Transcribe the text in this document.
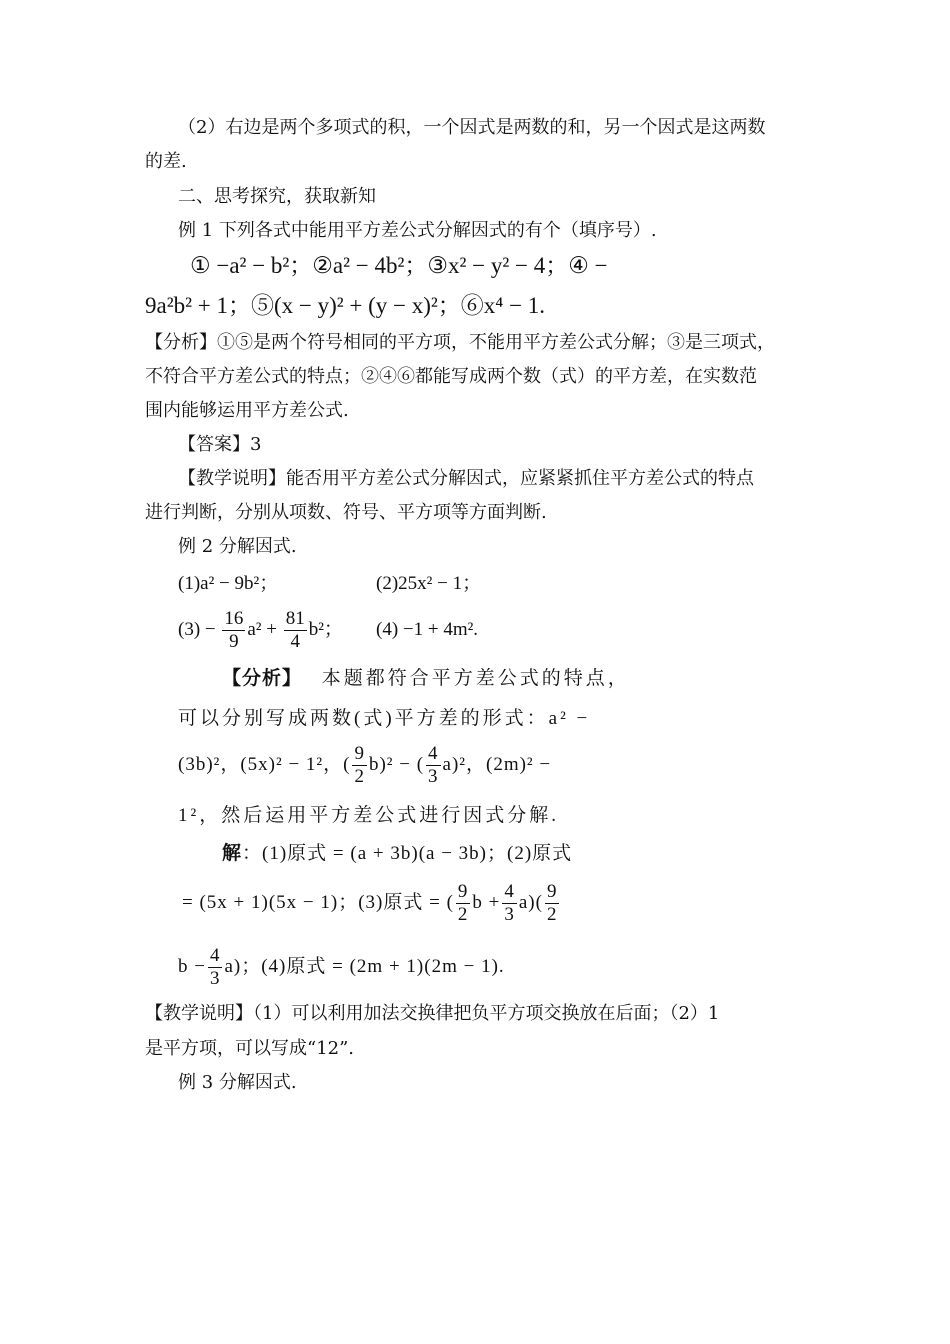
（2）右边是两个多项式的积，一个因式是两数的和，另一个因式是这两数
的差.
二、思考探究，获取新知
例 1 下列各式中能用平方差公式分解因式的有个（填序号）.
① −a² − b²；②a² − 4b²；③x² − y² − 4；④ −
9a²b² + 1；⑤(x − y)² + (y − x)²；⑥x⁴ − 1.
【分析】①⑤是两个符号相同的平方项，不能用平方差公式分解；③是三项式，
不符合平方差公式的特点；②④⑥都能写成两个数（式）的平方差，在实数范
围内能够运用平方差公式.
【答案】3
【教学说明】能否用平方差公式分解因式，应紧紧抓住平方差公式的特点
进行判断，分别从项数、符号、平方项等方面判断.
例 2 分解因式.
(1)a² − 9b²；	(2)25x² − 1；
$(3) - \frac{16}{9} a^2 + \frac{81}{4} b^2$； (4) −1 + 4m².
【分析】 本题都符合平方差公式的特点，
可以分别写成两数(式)平方差的形式：a² −
(3b)²，(5x)² − 1²，( $\frac{9}{2} b)^2$ − ( $\frac{4}{3} a)^2$，(2m)² −
1²，然后运用平方差公式进行因式分解.
解：(1)原式 = (a + 3b)(a − 3b)；(2)原式
= (5x + 1)(5x − 1)；(3)原式 = ( $\frac{9}{2}$ $b + \frac{4}{3} a)( \frac{9}{2}$
$b - \frac{4}{3} a$)；(4)原式 = (2m + 1)(2m − 1).
【教学说明】（1）可以利用加法交换律把负平方项交换放在后面；（2）1
是平方项，可以写成“12”.
例 3 分解因式.
